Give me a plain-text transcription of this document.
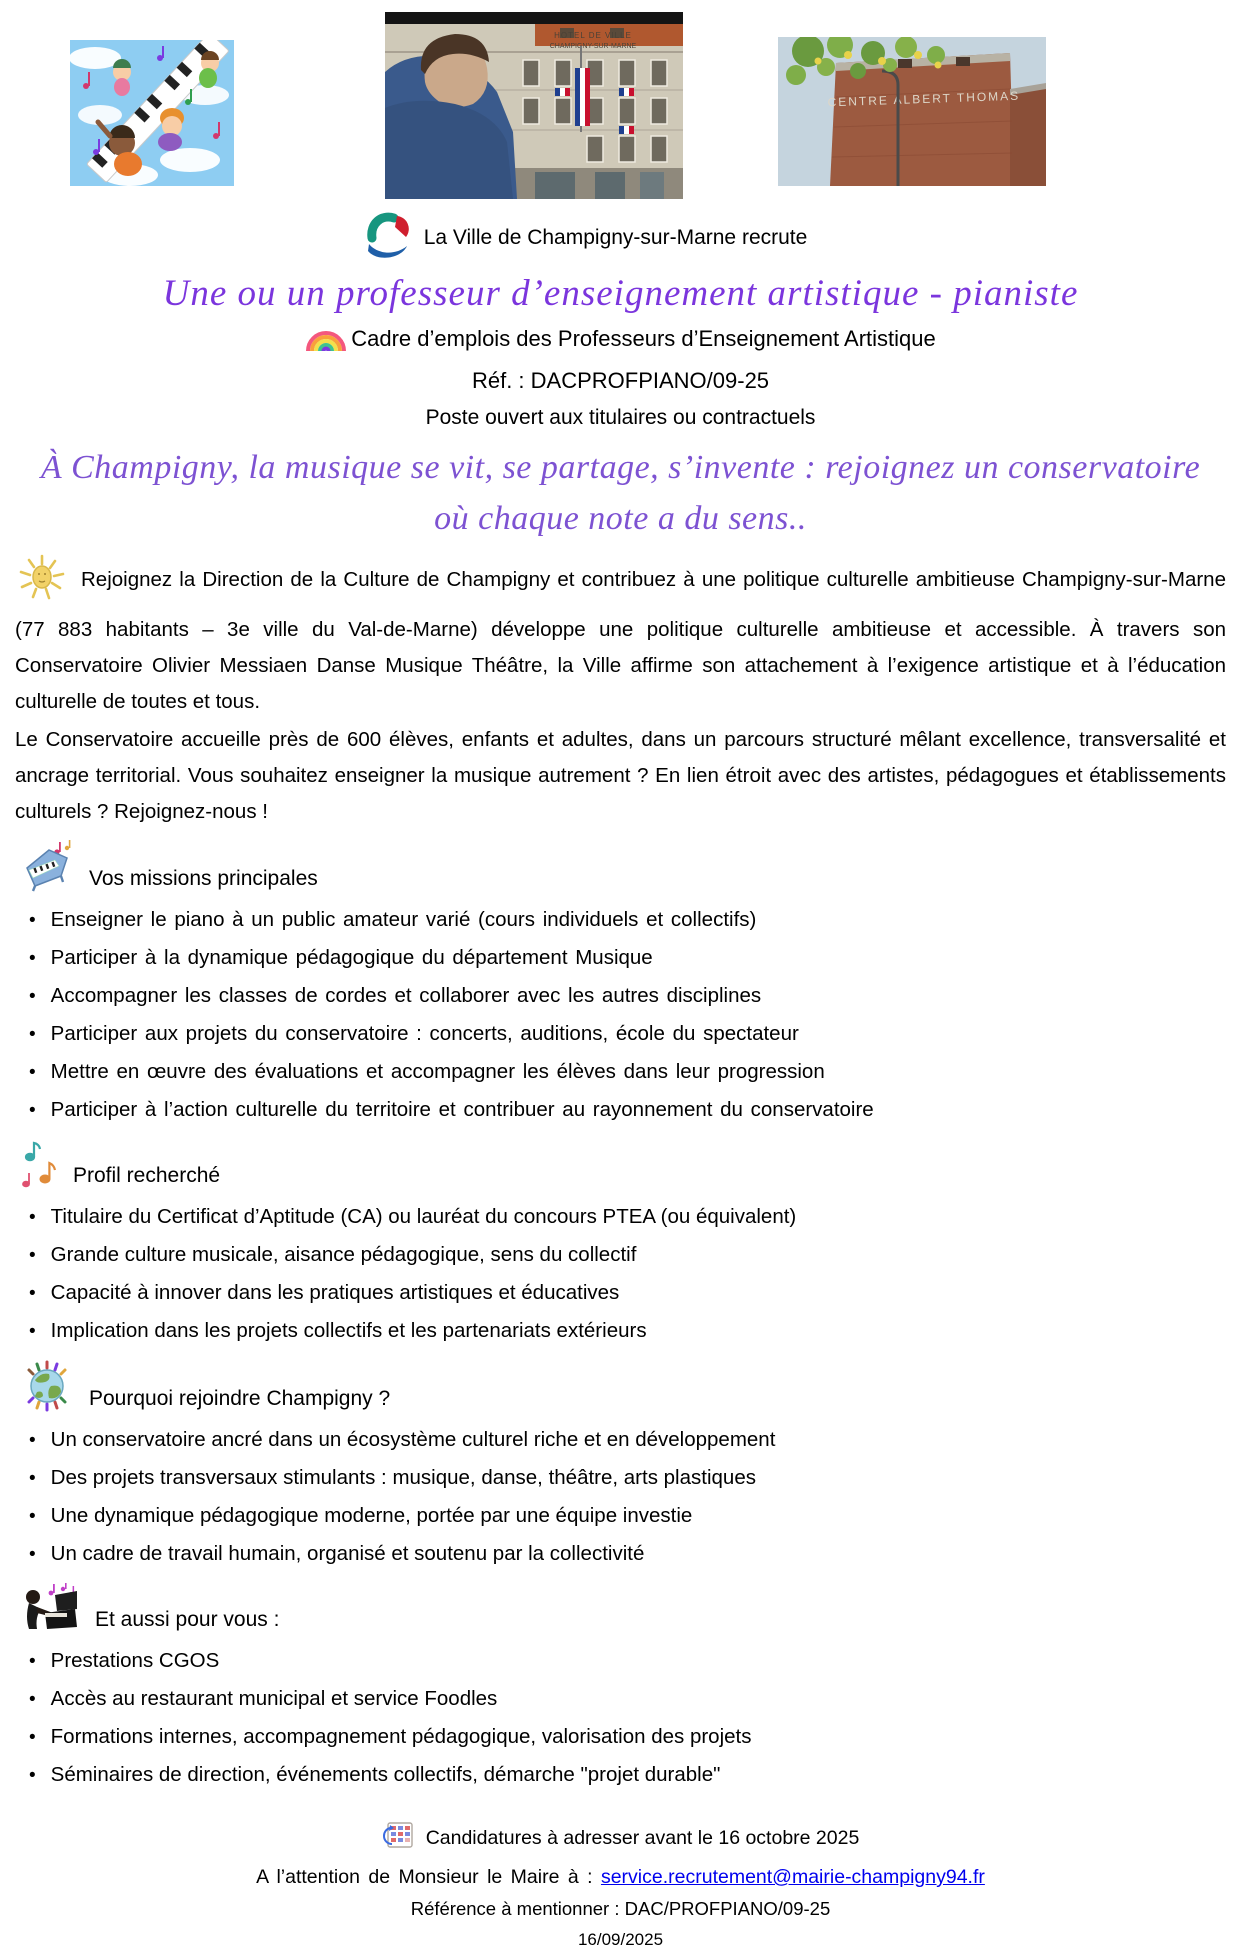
HOTEL DE VILLE
CHAMPIGNY-SUR-MARNE
CENTRE ALBERT THOMAS
La Ville de Champigny-sur-Marne recrute
Une ou un professeur d’enseignement artistique - pianiste
Cadre d’emplois des Professeurs d’Enseignement Artistique
Réf. : DACPROFPIANO/09-25
Poste ouvert aux titulaires ou contractuels
À Champigny, la musique se vit, se partage, s’invente : rejoignez un conservatoire où chaque note a du sens..

Rejoignez la Direction de la Culture de Champigny et contribuez à une politique culturelle ambitieuse Champigny-sur-Marne (77 883 habitants – 3e ville du Val-de-Marne) développe une politique culturelle ambitieuse et accessible. À travers son Conservatoire Olivier Messiaen Danse Musique Théâtre, la Ville affirme son attachement à l’exigence artistique et à l’éducation culturelle de toutes et tous.

Le Conservatoire accueille près de 600 élèves, enfants et adultes, dans un parcours structuré mêlant excellence, transversalité et ancrage territorial. Vous souhaitez enseigner la musique autrement ? En lien étroit avec des artistes, pédagogues et établissements culturels ? Rejoignez-nous !

Vos missions principales
• Enseigner le piano à un public amateur varié (cours individuels et collectifs)
• Participer à la dynamique pédagogique du département Musique
• Accompagner les classes de cordes et collaborer avec les autres disciplines
• Participer aux projets du conservatoire : concerts, auditions, école du spectateur
• Mettre en œuvre des évaluations et accompagner les élèves dans leur progression
• Participer à l’action culturelle du territoire et contribuer au rayonnement du conservatoire
Profil recherché
• Titulaire du Certificat d’Aptitude (CA) ou lauréat du concours PTEA (ou équivalent)
• Grande culture musicale, aisance pédagogique, sens du collectif
• Capacité à innover dans les pratiques artistiques et éducatives
• Implication dans les projets collectifs et les partenariats extérieurs
Pourquoi rejoindre Champigny ?
• Un conservatoire ancré dans un écosystème culturel riche et en développement
• Des projets transversaux stimulants : musique, danse, théâtre, arts plastiques
• Une dynamique pédagogique moderne, portée par une équipe investie
• Un cadre de travail humain, organisé et soutenu par la collectivité
Et aussi pour vous :
• Prestations CGOS
• Accès au restaurant municipal et service Foodles
• Formations internes, accompagnement pédagogique, valorisation des projets
• Séminaires de direction, événements collectifs, démarche "projet durable"
Candidatures à adresser avant le 16 octobre 2025
A l’attention de Monsieur le Maire à : service.recrutement@mairie-champigny94.fr
Référence à mentionner : DAC/PROFPIANO/09-25
16/09/2025
